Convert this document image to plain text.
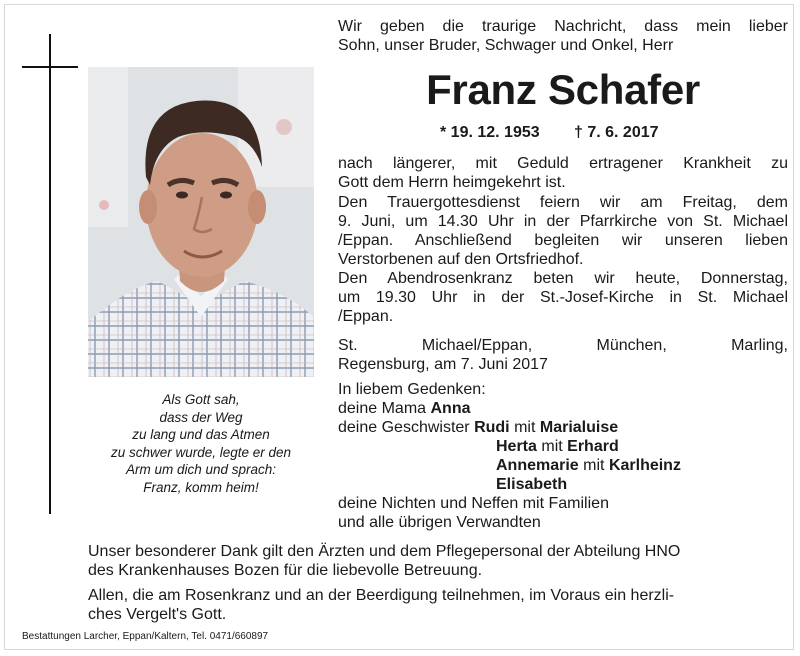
Als Gott sah,
dass der Weg
zu lang und das Atmen
zu schwer wurde, legte er den
Arm um dich und sprach:
Franz, komm heim!
Wir geben die traurige Nachricht, dass mein lieber
Sohn, unser Bruder, Schwager und Onkel, Herr
Franz Schafer
* 19. 12. 1953 † 7. 6. 2017
nach längerer, mit Geduld ertragener Krankheit zu
Gott dem Herrn heimgekehrt ist.
Den Trauergottesdienst feiern wir am Freitag, dem
9. Juni, um 14.30 Uhr in der Pfarrkirche von St. Michael
/Eppan. Anschließend begleiten wir unseren lieben
Verstorbenen auf den Ortsfriedhof.
Den Abendrosenkranz beten wir heute, Donnerstag,
um 19.30 Uhr in der St.-Josef-Kirche in St. Michael
/Eppan.
St. Michael/Eppan, München, Marling,
Regensburg, am 7. Juni 2017
In liebem Gedenken:
deine Mama Anna
deine Geschwister Rudi mit Marialuise
Herta mit Erhard
Annemarie mit Karlheinz
Elisabeth
deine Nichten und Neffen mit Familien
und alle übrigen Verwandten
Unser besonderer Dank gilt den Ärzten und dem Pflegepersonal der Abteilung HNO
des Krankenhauses Bozen für die liebevolle Betreuung.
Allen, die am Rosenkranz und an der Beerdigung teilnehmen, im Voraus ein herzli-
ches Vergelt's Gott.
Bestattungen Larcher, Eppan/Kaltern, Tel. 0471/660897
